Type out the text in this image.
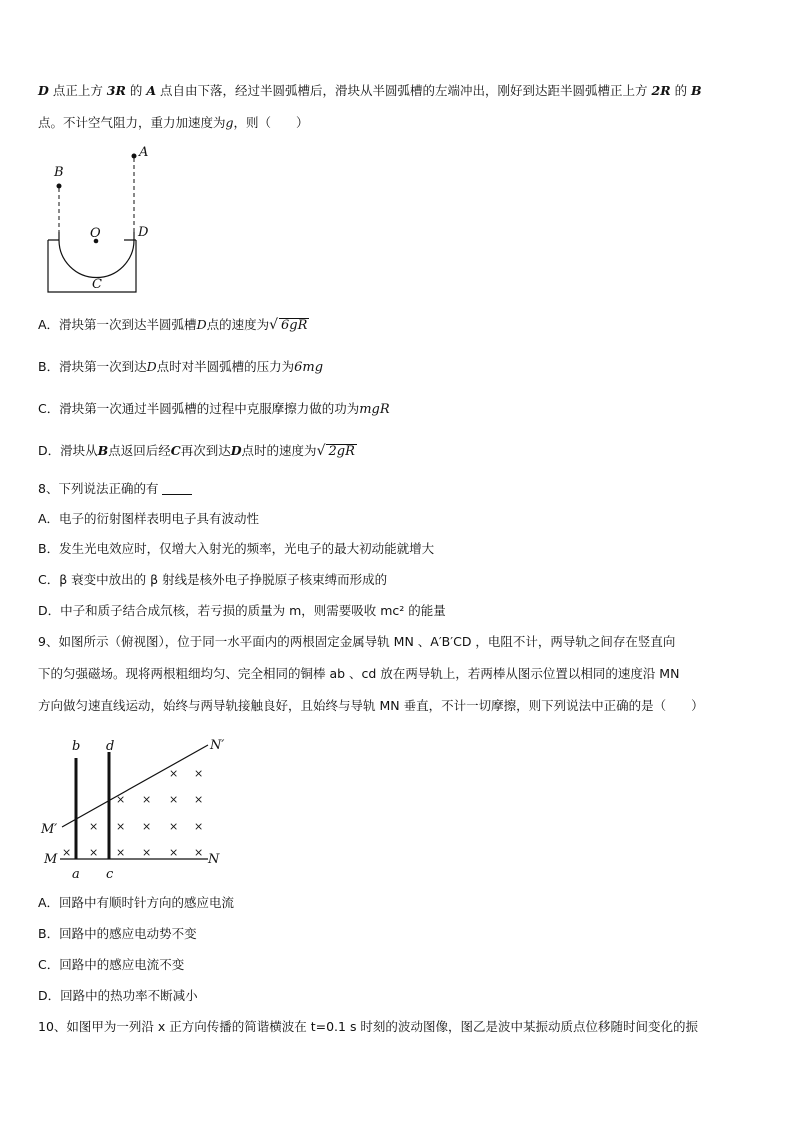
D 点正上方 3R 的 A 点自由下落，经过半圆弧槽后，滑块从半圆弧槽的左端冲出，刚好到达距半圆弧槽正上方 2R 的 B
点。不计空气阻力，重力加速度为g，则（　　）
A
B
O	D
C
A．滑块第一次到达半圆弧槽D点的速度为√ 6gR
B．滑块第一次到达D点时对半圆弧槽的压力为6mg
C．滑块第一次通过半圆弧槽的过程中克服摩擦力做的功为mgR
D．滑块从B点返回后经C再次到达D点时的速度为√ 2gR
8、下列说法正确的有
A．电子的衍射图样表明电子具有波动性
B．发生光电效应时，仅增大入射光的频率，光电子的最大初动能就增大
C．β 衰变中放出的 β 射线是核外电子挣脱原子核束缚而形成的
D．中子和质子结合成氘核，若亏损的质量为 m，则需要吸收 mc² 的能量
9、如图所示（俯视图），位于同一水平面内的两根固定金属导轨 MN 、A′B′CD ，电阻不计，两导轨之间存在竖直向
下的匀强磁场。现将两根粗细均匀、完全相同的铜棒 ab 、cd 放在两导轨上，若两棒从图示位置以相同的速度沿 MN
方向做匀速直线运动，始终与两导轨接触良好，且始终与导轨 MN 垂直，不计一切摩擦，则下列说法中正确的是（　　）
b d	N′
M′
M	N
a c
× ×
× × × ×
× × × × ×
× × × × × ×
A．回路中有顺时针方向的感应电流
B．回路中的感应电动势不变
C．回路中的感应电流不变
D．回路中的热功率不断减小
10、如图甲为一列沿 x 正方向传播的简谐横波在 t=0.1 s 时刻的波动图像，图乙是波中某振动质点位移随时间变化的振
